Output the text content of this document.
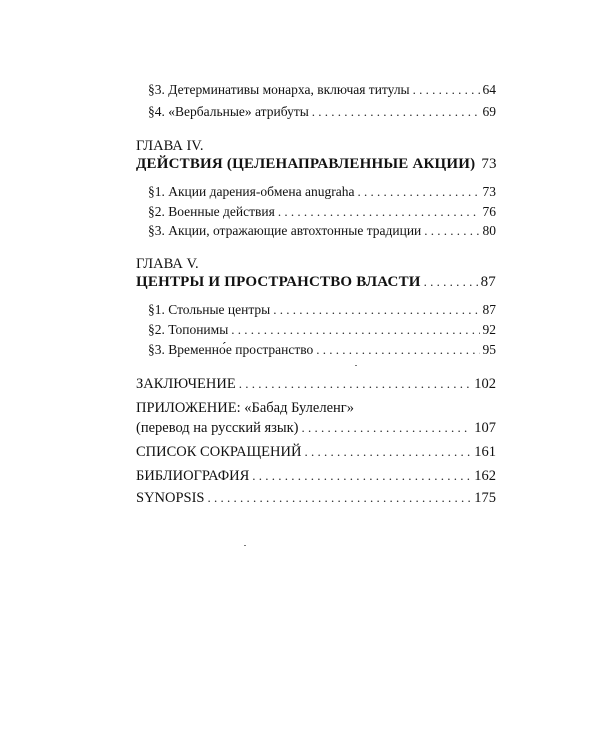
§3. Детерминативы монарха, включая титулы . . .	64
§4. «Вербальные» атрибуты . . .	69
ГЛАВА IV.
ДЕЙСТВИЯ (ЦЕЛЕНАПРАВЛЕННЫЕ АКЦИИ) 73
§1. Акции дарения-обмена anugraha . . .	73
§2. Военные действия . . .	76
§3. Акции, отражающие автохтонные традиции . . .	80
ГЛАВА V.
ЦЕНТРЫ И ПРОСТРАНСТВО ВЛАСТИ . . .	87
§1. Стольные центры . . .	87
§2. Топонимы . . .	92
§3. Временно́е пространство . . .	95
ЗАКЛЮЧЕНИЕ . . .	102
ПРИЛОЖЕНИЕ: «Бабад Булеленг»
(перевод на русский язык) . . .	107
СПИСОК СОКРАЩЕНИЙ . . .	161
БИБЛИОГРАФИЯ . . .	162
SYNOPSIS . . .	175
